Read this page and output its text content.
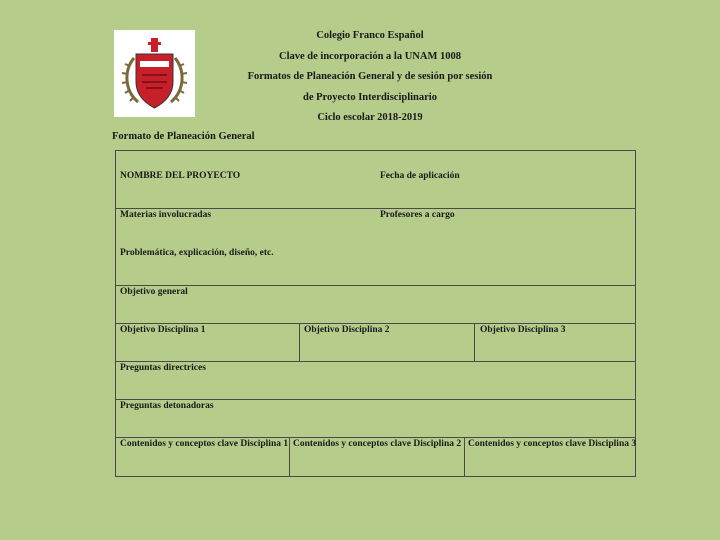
Colegio Franco Español
Clave de incorporación a la UNAM 1008
Formatos de Planeación General y de sesión por sesión
de Proyecto Interdisciplinario
Ciclo escolar 2018-2019
Formato de Planeación General
NOMBRE DEL PROYECTO	Fecha de aplicación
Materias involucradas	Profesores a cargo
Problemática, explicación, diseño, etc.
Objetivo general
Objetivo Disciplina 1	Objetivo Disciplina 2	Objetivo Disciplina 3
Preguntas directrices
Preguntas detonadoras
Contenidos y conceptos clave Disciplina 1 Contenidos y conceptos clave Disciplina 2 Contenidos y conceptos clave Disciplina 3
